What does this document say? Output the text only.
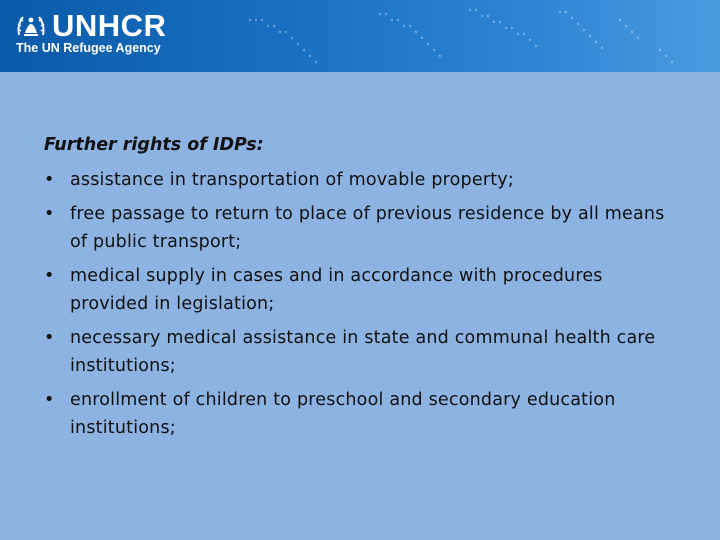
UNHCR
The UN Refugee Agency
Further rights of IDPs:
• assistance in transportation of movable property;
• free passage to return to place of previous residence by all means of public transport;
• medical supply in cases and in accordance with procedures provided in legislation;
• necessary medical assistance in state and communal health care institutions;
• enrollment of children to preschool and secondary education institutions;
